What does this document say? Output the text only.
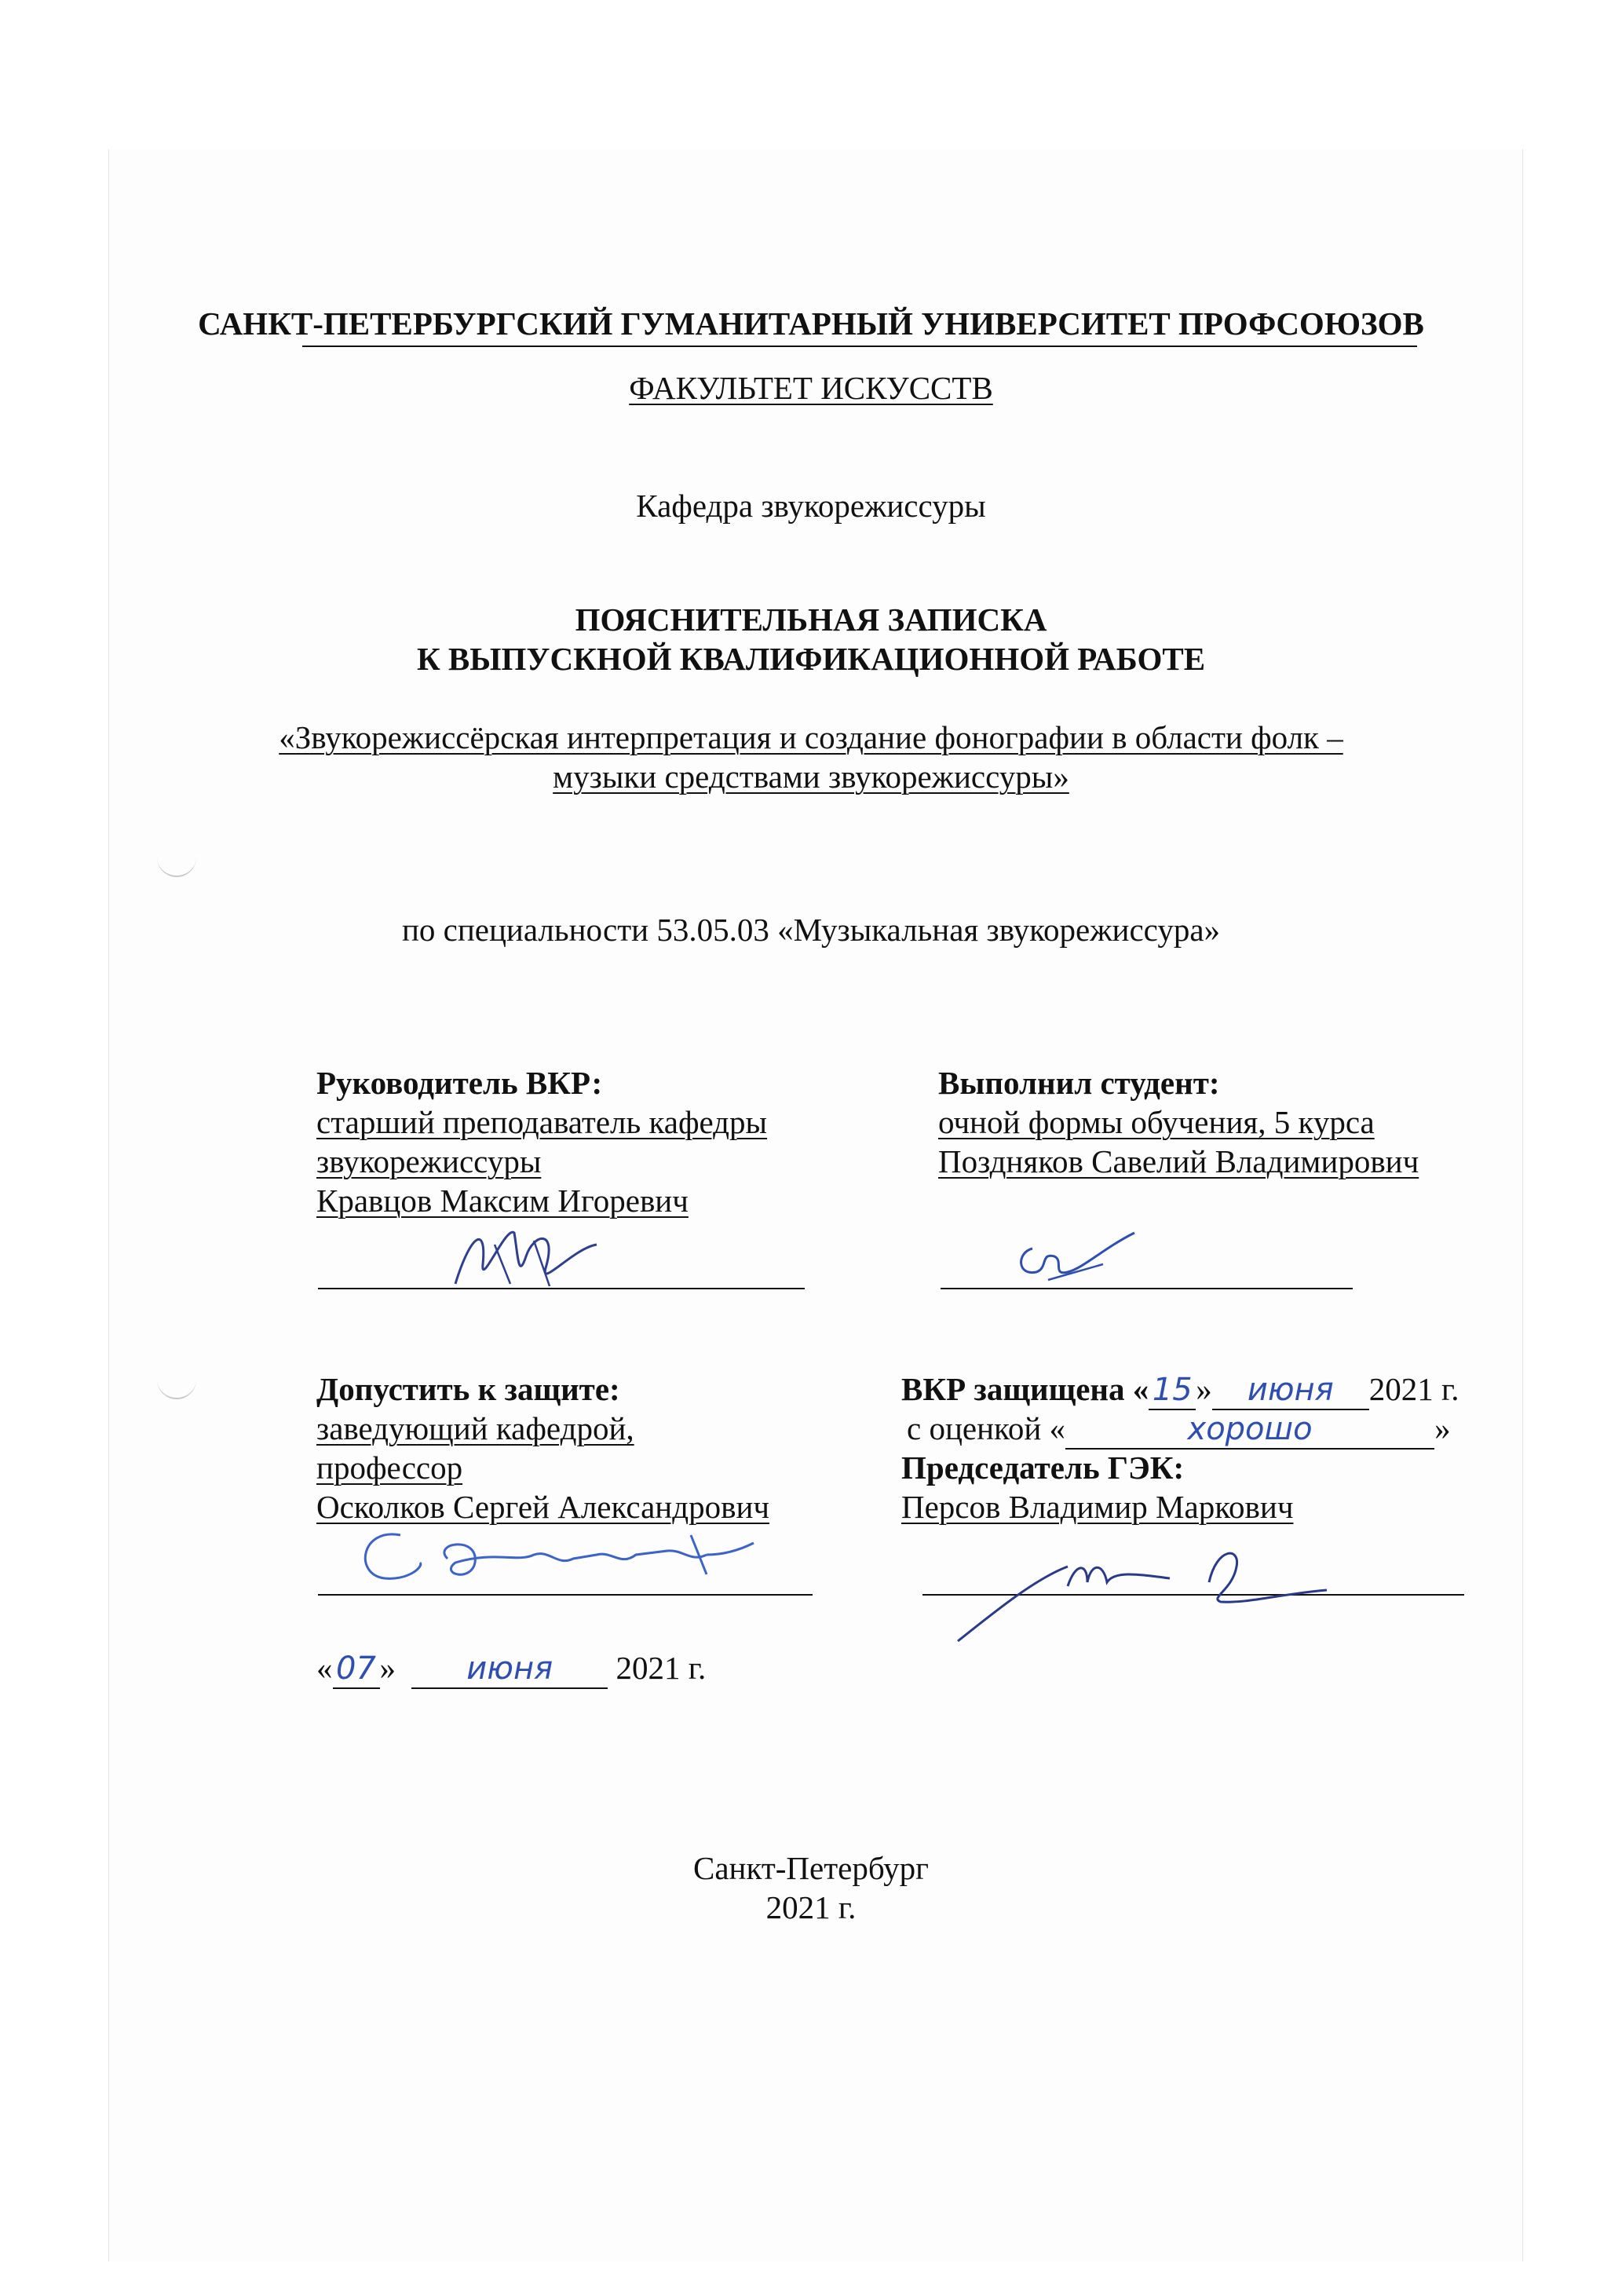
САНКТ-ПЕТЕРБУРГСКИЙ ГУМАНИТАРНЫЙ УНИВЕРСИТЕТ ПРОФСОЮЗОВ
ФАКУЛЬТЕТ ИСКУССТВ
Кафедра звукорежиссуры
ПОЯСНИТЕЛЬНАЯ ЗАПИСКА
К ВЫПУСКНОЙ КВАЛИФИКАЦИОННОЙ РАБОТЕ
«Звукорежиссёрская интерпретация и создание фонографии в области фолк –
музыки средствами звукорежиссуры»
по специальности 53.05.03 «Музыкальная звукорежиссура»
Руководитель ВКР:
старший преподаватель кафедры
звукорежиссуры
Кравцов Максим Игоревич
Выполнил студент:
очной формы обучения, 5 курса
Поздняков Савелий Владимирович
Допустить к защите:
заведующий кафедрой,
профессор
Осколков Сергей Александрович
« 07 » июня 2021 г.
ВКР защищена « 15 » июня 2021 г.
с оценкой «	хорошо	»
Председатель ГЭК:
Персов Владимир Маркович
Санкт-Петербург
2021 г.
